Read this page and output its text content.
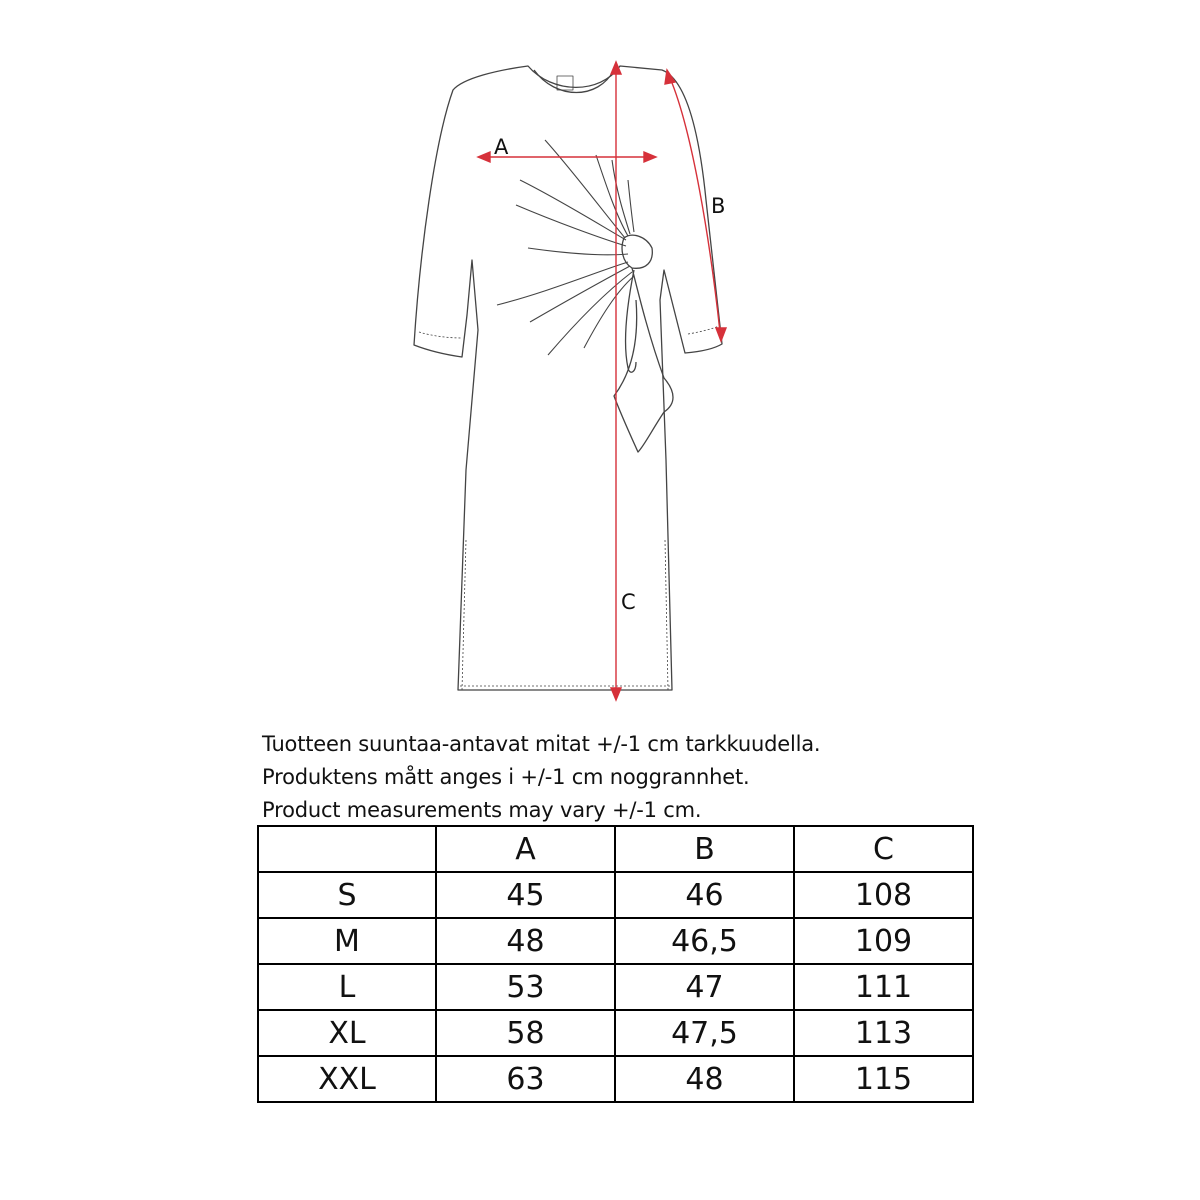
A
B
C
Tuotteen suuntaa-antavat mitat +/-1 cm tarkkuudella.
Produktens mått anges i +/-1 cm noggrannhet.
Product measurements may vary +/-1 cm.
	A	B	C
S	45	46	108
M	48	46,5	109
L	53	47	111
XL	58	47,5	113
XXL	63	48	115
